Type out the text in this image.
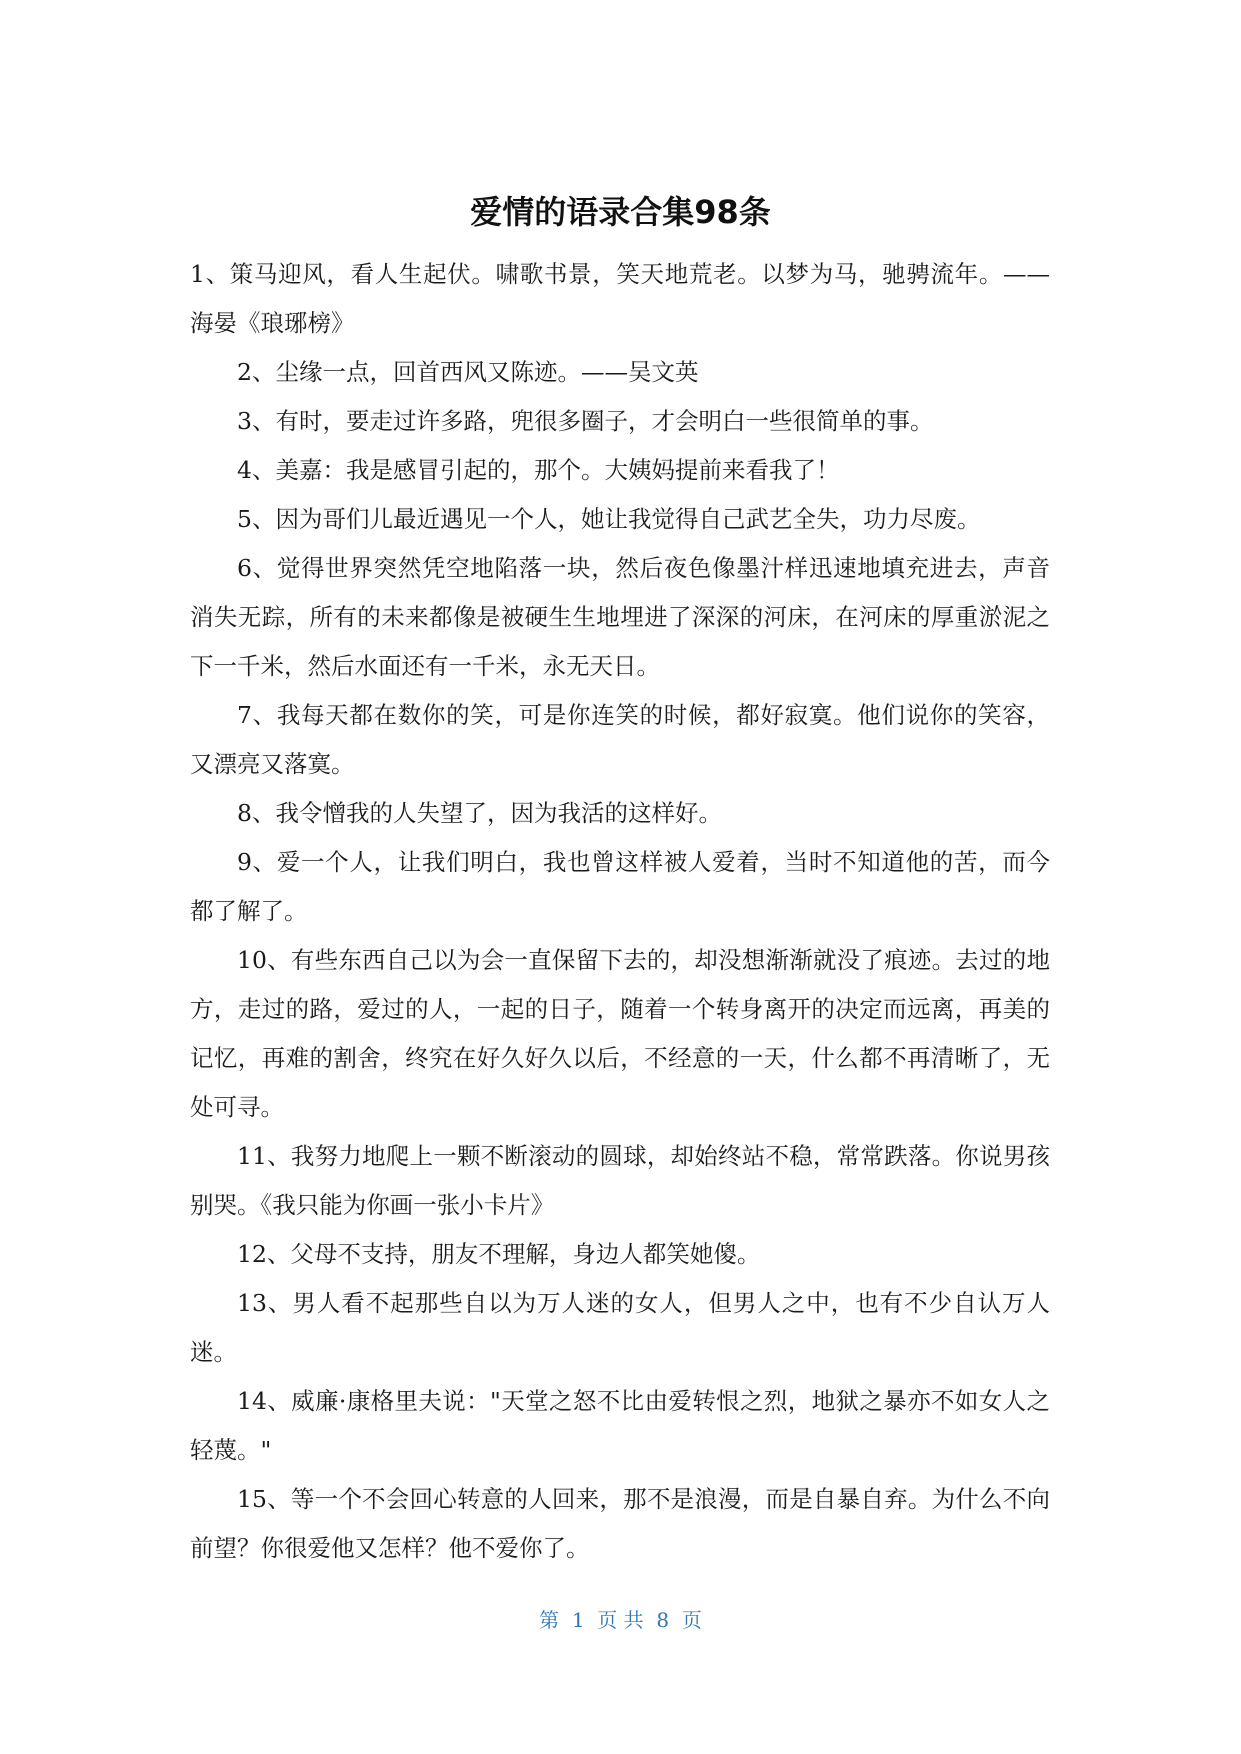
爱情的语录合集98条

1、策马迎风，看人生起伏。啸歌书景，笑天地荒老。以梦为马，驰骋流年。——海晏《琅琊榜》

2、尘缘一点，回首西风又陈迹。——吴文英

3、有时，要走过许多路，兜很多圈子，才会明白一些很简单的事。

4、美嘉：我是感冒引起的，那个。大姨妈提前来看我了！

5、因为哥们儿最近遇见一个人，她让我觉得自己武艺全失，功力尽废。

6、觉得世界突然凭空地陷落一块，然后夜色像墨汁样迅速地填充进去，声音消失无踪，所有的未来都像是被硬生生地埋进了深深的河床，在河床的厚重淤泥之下一千米，然后水面还有一千米，永无天日。

7、我每天都在数你的笑，可是你连笑的时候，都好寂寞。他们说你的笑容，又漂亮又落寞。

8、我令憎我的人失望了，因为我活的这样好。

9、爱一个人，让我们明白，我也曾这样被人爱着，当时不知道他的苦，而今都了解了。

10、有些东西自己以为会一直保留下去的，却没想渐渐就没了痕迹。去过的地方，走过的路，爱过的人，一起的日子，随着一个转身离开的决定而远离，再美的记忆，再难的割舍，终究在好久好久以后，不经意的一天，什么都不再清晰了，无处可寻。

11、我努力地爬上一颗不断滚动的圆球，却始终站不稳，常常跌落。你说男孩别哭。《我只能为你画一张小卡片》

12、父母不支持，朋友不理解，身边人都笑她傻。

13、男人看不起那些自以为万人迷的女人，但男人之中，也有不少自认万人迷。

14、威廉·康格里夫说："天堂之怒不比由爱转恨之烈，地狱之暴亦不如女人之轻蔑。"

15、等一个不会回心转意的人回来，那不是浪漫，而是自暴自弃。为什么不向前望？你很爱他又怎样？他不爱你了。

第  1  页 共  8  页
